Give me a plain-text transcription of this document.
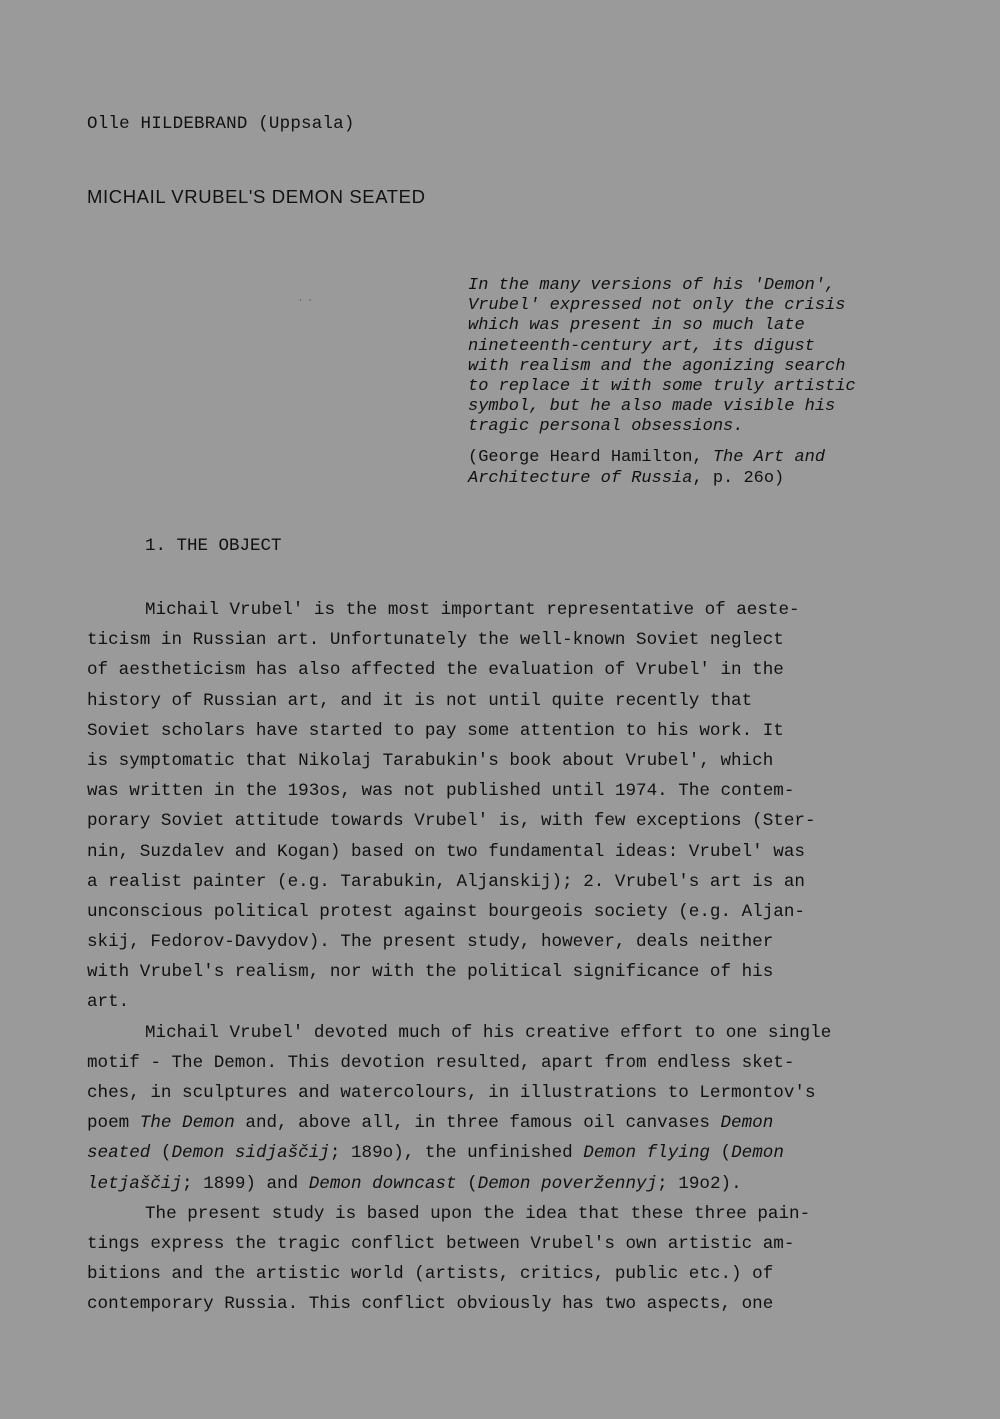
Olle HILDEBRAND (Uppsala)
MICHAIL VRUBEL'S DEMON SEATED
· ·
In the many versions of his 'Demon',
Vrubel' expressed not only the crisis
which was present in so much late
nineteenth-century art, its digust
with realism and the agonizing search
to replace it with some truly artistic
symbol, but he also made visible his
tragic personal obsessions.
(George Heard Hamilton, The Art and
Architecture of Russia, p. 26o)
1. THE OBJECT
Michail Vrubel' is the most important representative of aeste-
ticism in Russian art. Unfortunately the well-known Soviet neglect
of aestheticism has also affected the evaluation of Vrubel' in the
history of Russian art, and it is not until quite recently that
Soviet scholars have started to pay some attention to his work. It
is symptomatic that Nikolaj Tarabukin's book about Vrubel', which
was written in the 193os, was not published until 1974. The contem-
porary Soviet attitude towards Vrubel' is, with few exceptions (Ster-
nin, Suzdalev and Kogan) based on two fundamental ideas: Vrubel' was
a realist painter (e.g. Tarabukin, Aljanskij); 2. Vrubel's art is an
unconscious political protest against bourgeois society (e.g. Aljan-
skij, Fedorov-Davydov). The present study, however, deals neither
with Vrubel's realism, nor with the political significance of his
art.
Michail Vrubel' devoted much of his creative effort to one single
motif - The Demon. This devotion resulted, apart from endless sket-
ches, in sculptures and watercolours, in illustrations to Lermontov's
poem The Demon and, above all, in three famous oil canvases Demon
seated (Demon sidjaščij; 189o), the unfinished Demon flying (Demon
letjaščij; 1899) and Demon downcast (Demon poveržennyj; 19o2).
The present study is based upon the idea that these three pain-
tings express the tragic conflict between Vrubel's own artistic am-
bitions and the artistic world (artists, critics, public etc.) of
contemporary Russia. This conflict obviously has two aspects, one
